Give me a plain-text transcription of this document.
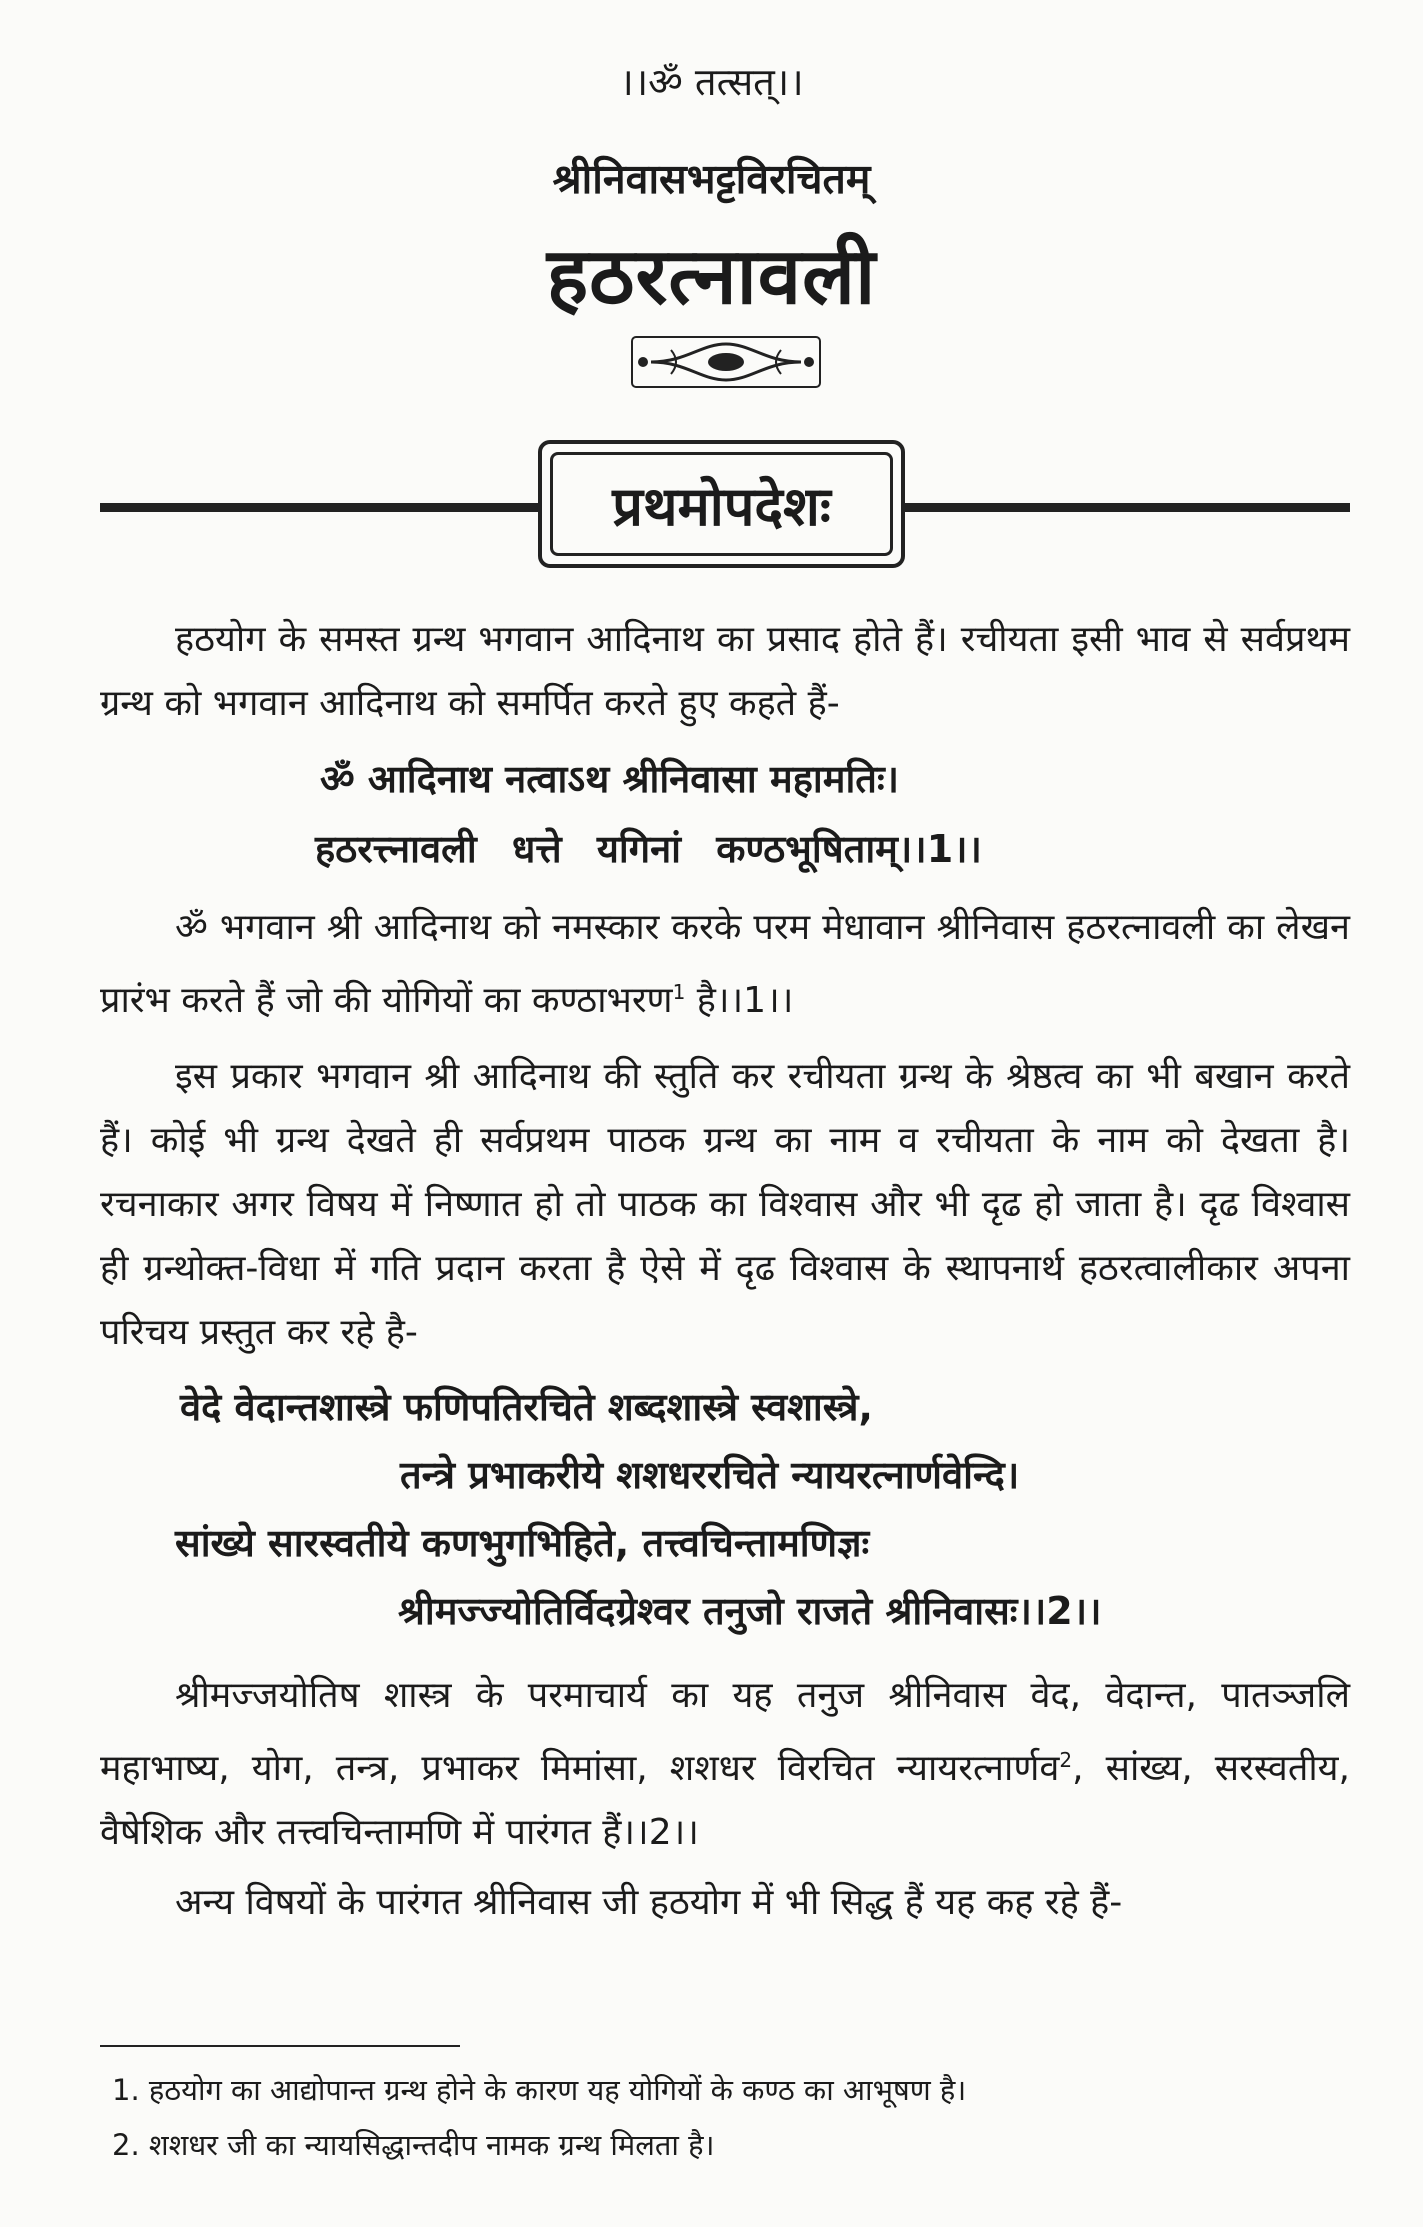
।।ॐ तत्सत्।।
श्रीनिवासभट्टविरचितम्
हठरत्नावली
प्रथमोपदेशः
हठयोग के समस्त ग्रन्थ भगवान आदिनाथ का प्रसाद होते हैं। रचीयता इसी भाव से सर्वप्रथम ग्रन्थ को भगवान आदिनाथ को समर्पित करते हुए कहते हैं-
ॐ आदिनाथ नत्वाऽथ श्रीनिवासा महामतिः।
हठरत्त्नावली धत्ते यगिनां कण्ठभूषिताम्।।1।।
ॐ भगवान श्री आदिनाथ को नमस्कार करके परम मेधावान श्रीनिवास हठरत्नावली का लेखन प्रारंभ करते हैं जो की योगियों का कण्ठाभरण$^1$ है।।1।।
इस प्रकार भगवान श्री आदिनाथ की स्तुति कर रचीयता ग्रन्थ के श्रेष्ठत्व का भी बखान करते हैं। कोई भी ग्रन्थ देखते ही सर्वप्रथम पाठक ग्रन्थ का नाम व रचीयता के नाम को देखता है। रचनाकार अगर विषय में निष्णात हो तो पाठक का विश्वास और भी दृढ हो जाता है। दृढ विश्वास ही ग्रन्थोक्त-विधा में गति प्रदान करता है ऐसे में दृढ विश्वास के स्थापनार्थ हठरत्वालीकार अपना परिचय प्रस्तुत कर रहे है-
वेदे वेदान्तशास्त्रे फणिपतिरचिते शब्दशास्त्रे स्वशास्त्रे,
तन्त्रे प्रभाकरीये शशधररचिते न्यायरत्नार्णवेन्दि।
सांख्ये सारस्वतीये कणभुगभिहिते, तत्त्वचिन्तामणिज्ञः
श्रीमज्ज्योतिर्विदग्रेश्वर तनुजो राजते श्रीनिवासः।।2।।
श्रीमज्जयोतिष शास्त्र के परमाचार्य का यह तनुज श्रीनिवास वेद, वेदान्त, पातञ्जलि महाभाष्य, योग, तन्त्र, प्रभाकर मिमांसा, शशधर विरचित न्यायरत्नार्णव$^2$, सांख्य, सरस्वतीय, वैषेशिक और तत्त्वचिन्तामणि में पारंगत हैं।।2।।
अन्य विषयों के पारंगत श्रीनिवास जी हठयोग में भी सिद्ध हैं यह कह रहे हैं-
1. हठयोग का आद्योपान्त ग्रन्थ होने के कारण यह योगियों के कण्ठ का आभूषण है।
2. शशधर जी का न्यायसिद्धान्तदीप नामक ग्रन्थ मिलता है।
